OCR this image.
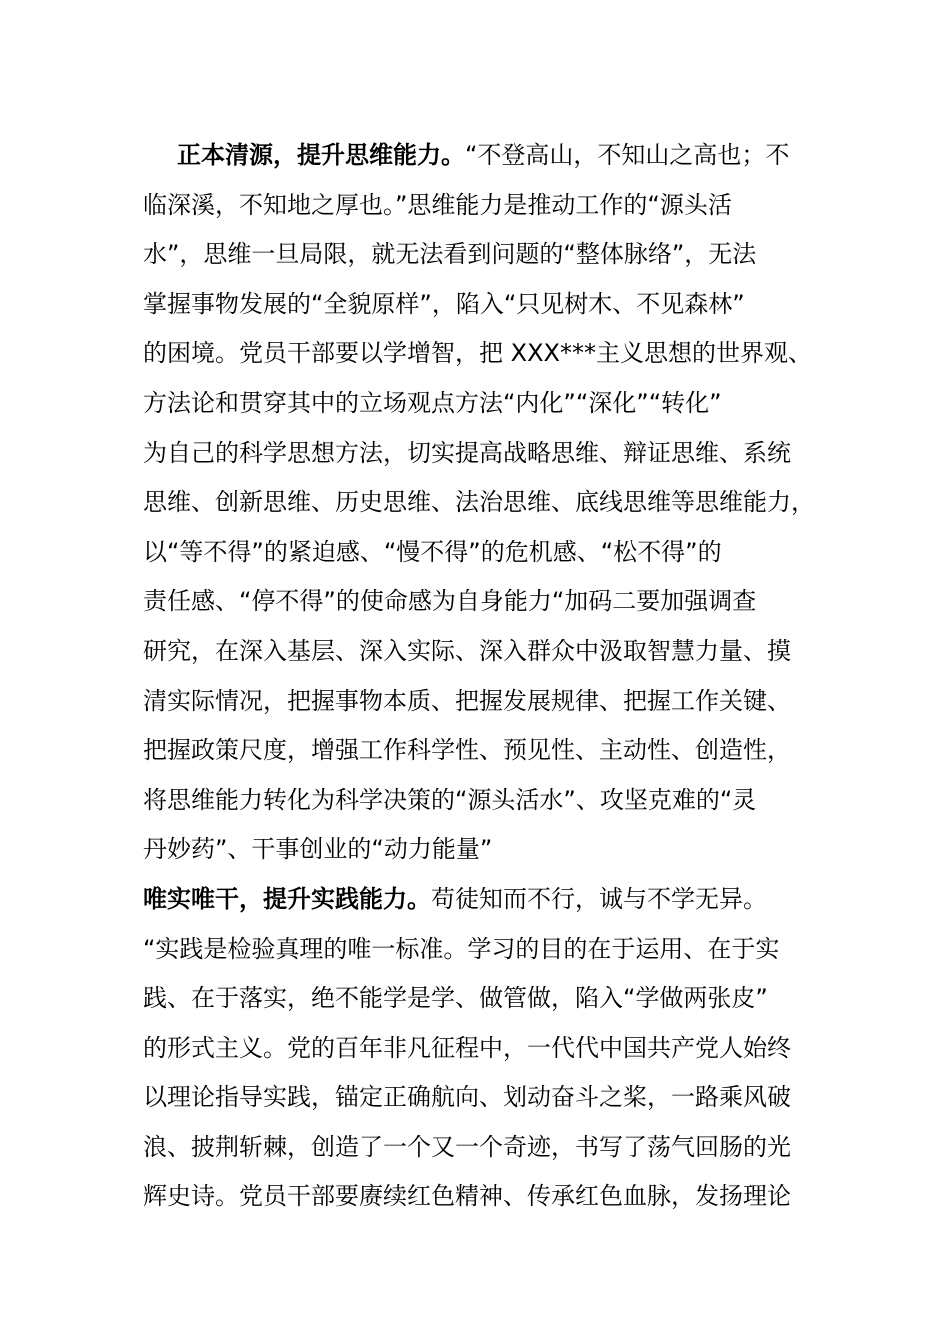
正本清源，提升思维能力。“不登高山，不知山之高也；不
临深溪，不知地之厚也。”思维能力是推动工作的“源头活
水”，思维一旦局限，就无法看到问题的“整体脉络”，无法
掌握事物发展的“全貌原样”，陷入“只见树木、不见森林”
的困境。党员干部要以学增智，把 XXX***主义思想的世界观、
方法论和贯穿其中的立场观点方法“内化”“深化”“转化”
为自己的科学思想方法，切实提高战略思维、辩证思维、系统
思维、创新思维、历史思维、法治思维、底线思维等思维能力，
以“等不得”的紧迫感、“慢不得”的危机感、“松不得”的
责任感、“停不得”的使命感为自身能力“加码二要加强调查
研究，在深入基层、深入实际、深入群众中汲取智慧力量、摸
清实际情况，把握事物本质、把握发展规律、把握工作关键、
把握政策尺度，增强工作科学性、预见性、主动性、创造性，
将思维能力转化为科学决策的“源头活水”、攻坚克难的“灵
丹妙药”、干事创业的“动力能量”
唯实唯干，提升实践能力。苟徒知而不行，诚与不学无异。
“实践是检验真理的唯一标准。学习的目的在于运用、在于实
践、在于落实，绝不能学是学、做管做，陷入“学做两张皮”
的形式主义。党的百年非凡征程中，一代代中国共产党人始终
以理论指导实践，锚定正确航向、划动奋斗之桨，一路乘风破
浪、披荆斩棘，创造了一个又一个奇迹，书写了荡气回肠的光
辉史诗。党员干部要赓续红色精神、传承红色血脉，发扬理论
